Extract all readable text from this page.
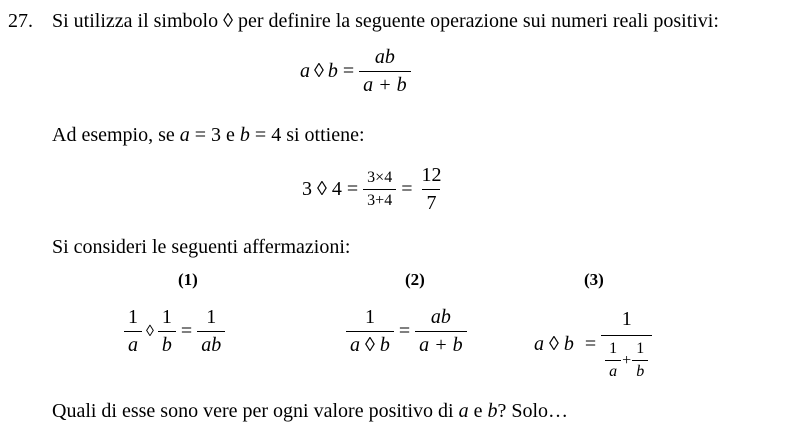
27. Si utilizza il simbolo ◊ per definire la seguente operazione sui numeri reali positivi:
a ◊ $b = \frac{ab}{a + b}$
Ad esempio, se a = 3 e b = 4 si ottiene:
3 ◊ $4 = \frac{3\times 4}{3+4} = \frac{12}{7}$
Si consideri le seguenti affermazioni:
(1)	(2)	(3)
$\frac{1}{a}$ ◊ $\frac{1}{b} = \frac{1}{ab}$	$\frac{1}{a ◊ b} = \frac{ab}{a + b}$	a ◊ $b = \frac{1}{\frac{1}{a} + \frac{1}{b}}$
Quali di esse sono vere per ogni valore positivo di a e b? Solo…
